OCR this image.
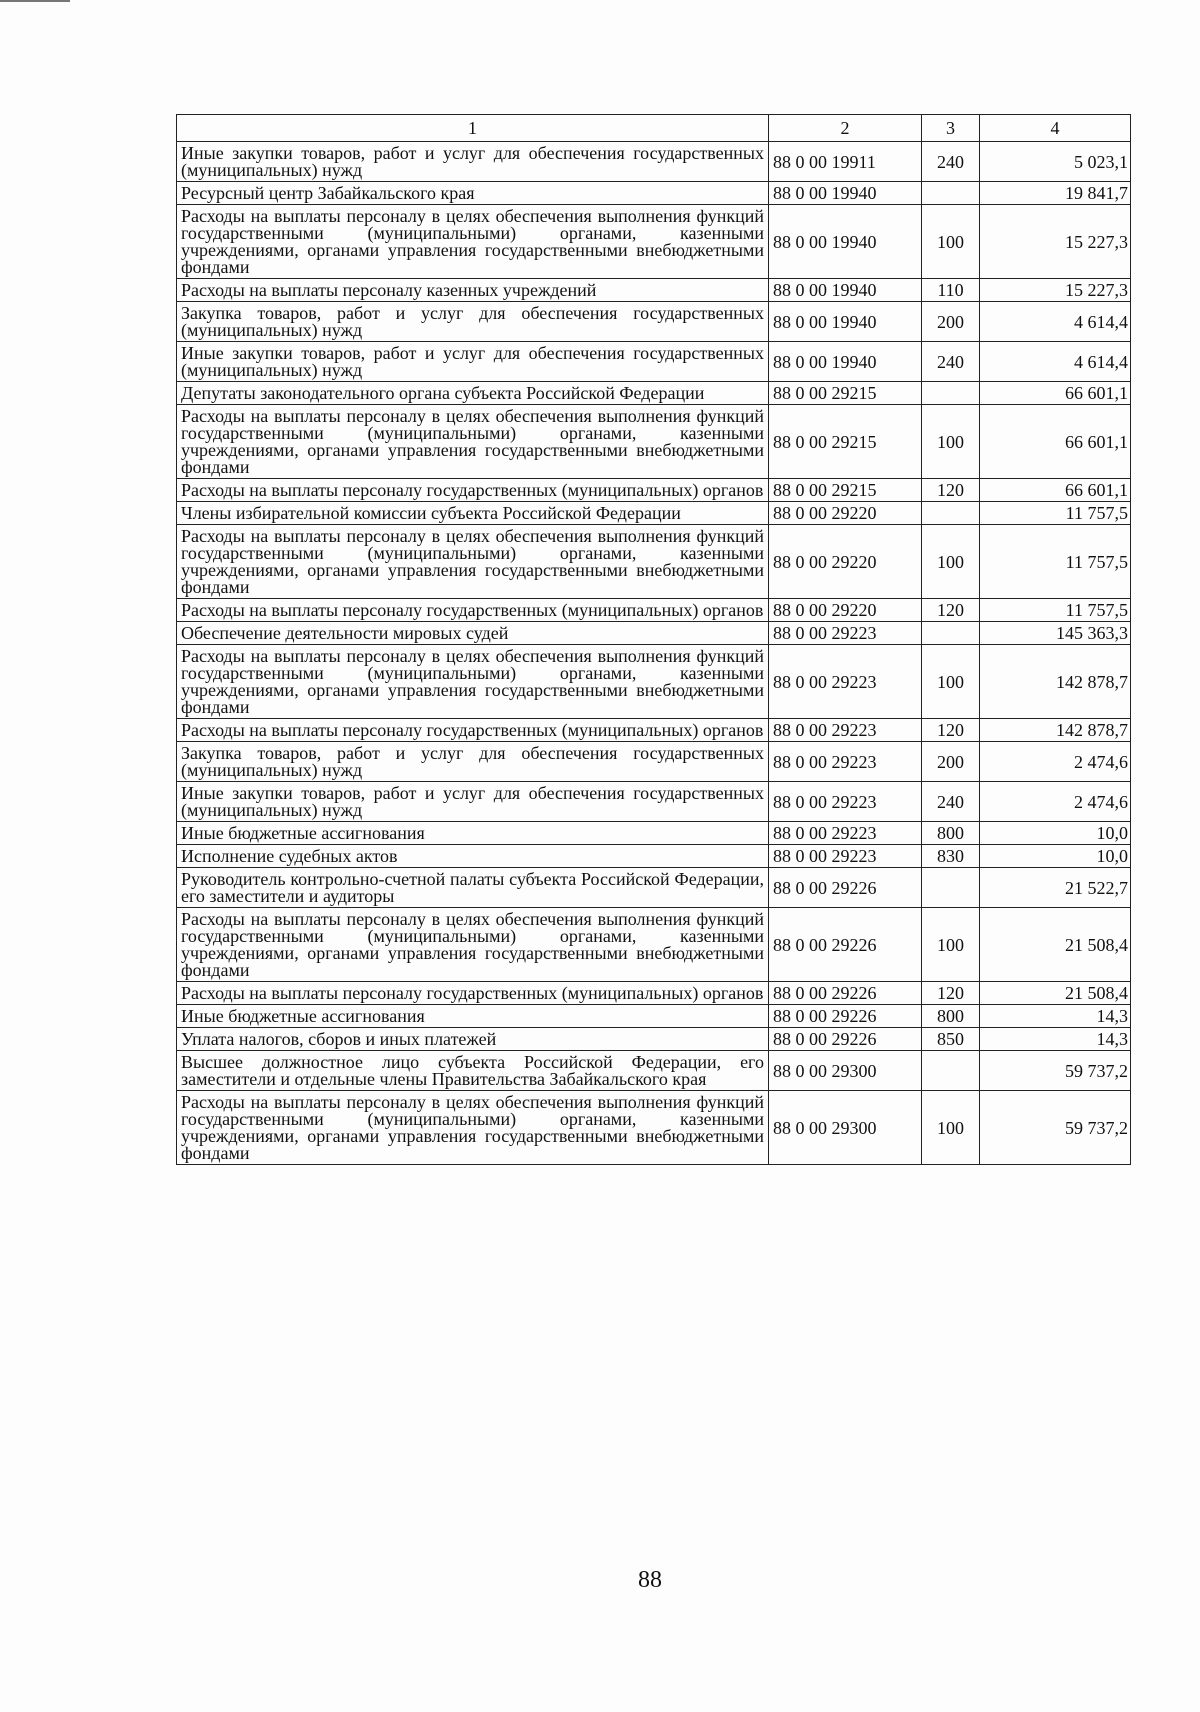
1	2	3	4
Иные закупки товаров, работ и услуг для обеспечения государственных (муниципальных) нужд	88 0 00 19911	240	5 023,1
Ресурсный центр Забайкальского края	88 0 00 19940		19 841,7
Расходы на выплаты персоналу в целях обеспечения выполнения функций государственными (муниципальными) органами, казенными учреждениями, органами управления государственными внебюджетными фондами	88 0 00 19940	100	15 227,3
Расходы на выплаты персоналу казенных учреждений	88 0 00 19940	110	15 227,3
Закупка товаров, работ и услуг для обеспечения государственных (муниципальных) нужд	88 0 00 19940	200	4 614,4
Иные закупки товаров, работ и услуг для обеспечения государственных (муниципальных) нужд	88 0 00 19940	240	4 614,4
Депутаты законодательного органа субъекта Российской Федерации	88 0 00 29215		66 601,1
Расходы на выплаты персоналу в целях обеспечения выполнения функций государственными (муниципальными) органами, казенными учреждениями, органами управления государственными внебюджетными фондами	88 0 00 29215	100	66 601,1
Расходы на выплаты персоналу государственных (муниципальных) органов	88 0 00 29215	120	66 601,1
Члены избирательной комиссии субъекта Российской Федерации	88 0 00 29220		11 757,5
Расходы на выплаты персоналу в целях обеспечения выполнения функций государственными (муниципальными) органами, казенными учреждениями, органами управления государственными внебюджетными фондами	88 0 00 29220	100	11 757,5
Расходы на выплаты персоналу государственных (муниципальных) органов	88 0 00 29220	120	11 757,5
Обеспечение деятельности мировых судей	88 0 00 29223		145 363,3
Расходы на выплаты персоналу в целях обеспечения выполнения функций государственными (муниципальными) органами, казенными учреждениями, органами управления государственными внебюджетными фондами	88 0 00 29223	100	142 878,7
Расходы на выплаты персоналу государственных (муниципальных) органов	88 0 00 29223	120	142 878,7
Закупка товаров, работ и услуг для обеспечения государственных (муниципальных) нужд	88 0 00 29223	200	2 474,6
Иные закупки товаров, работ и услуг для обеспечения государственных (муниципальных) нужд	88 0 00 29223	240	2 474,6
Иные бюджетные ассигнования	88 0 00 29223	800	10,0
Исполнение судебных актов	88 0 00 29223	830	10,0
Руководитель контрольно-счетной палаты субъекта Российской Федерации, его заместители и аудиторы	88 0 00 29226		21 522,7
Расходы на выплаты персоналу в целях обеспечения выполнения функций государственными (муниципальными) органами, казенными учреждениями, органами управления государственными внебюджетными фондами	88 0 00 29226	100	21 508,4
Расходы на выплаты персоналу государственных (муниципальных) органов	88 0 00 29226	120	21 508,4
Иные бюджетные ассигнования	88 0 00 29226	800	14,3
Уплата налогов, сборов и иных платежей	88 0 00 29226	850	14,3
Высшее должностное лицо субъекта Российской Федерации, его заместители и отдельные члены Правительства Забайкальского края	88 0 00 29300		59 737,2
Расходы на выплаты персоналу в целях обеспечения выполнения функций государственными (муниципальными) органами, казенными учреждениями, органами управления государственными внебюджетными фондами	88 0 00 29300	100	59 737,2
88
